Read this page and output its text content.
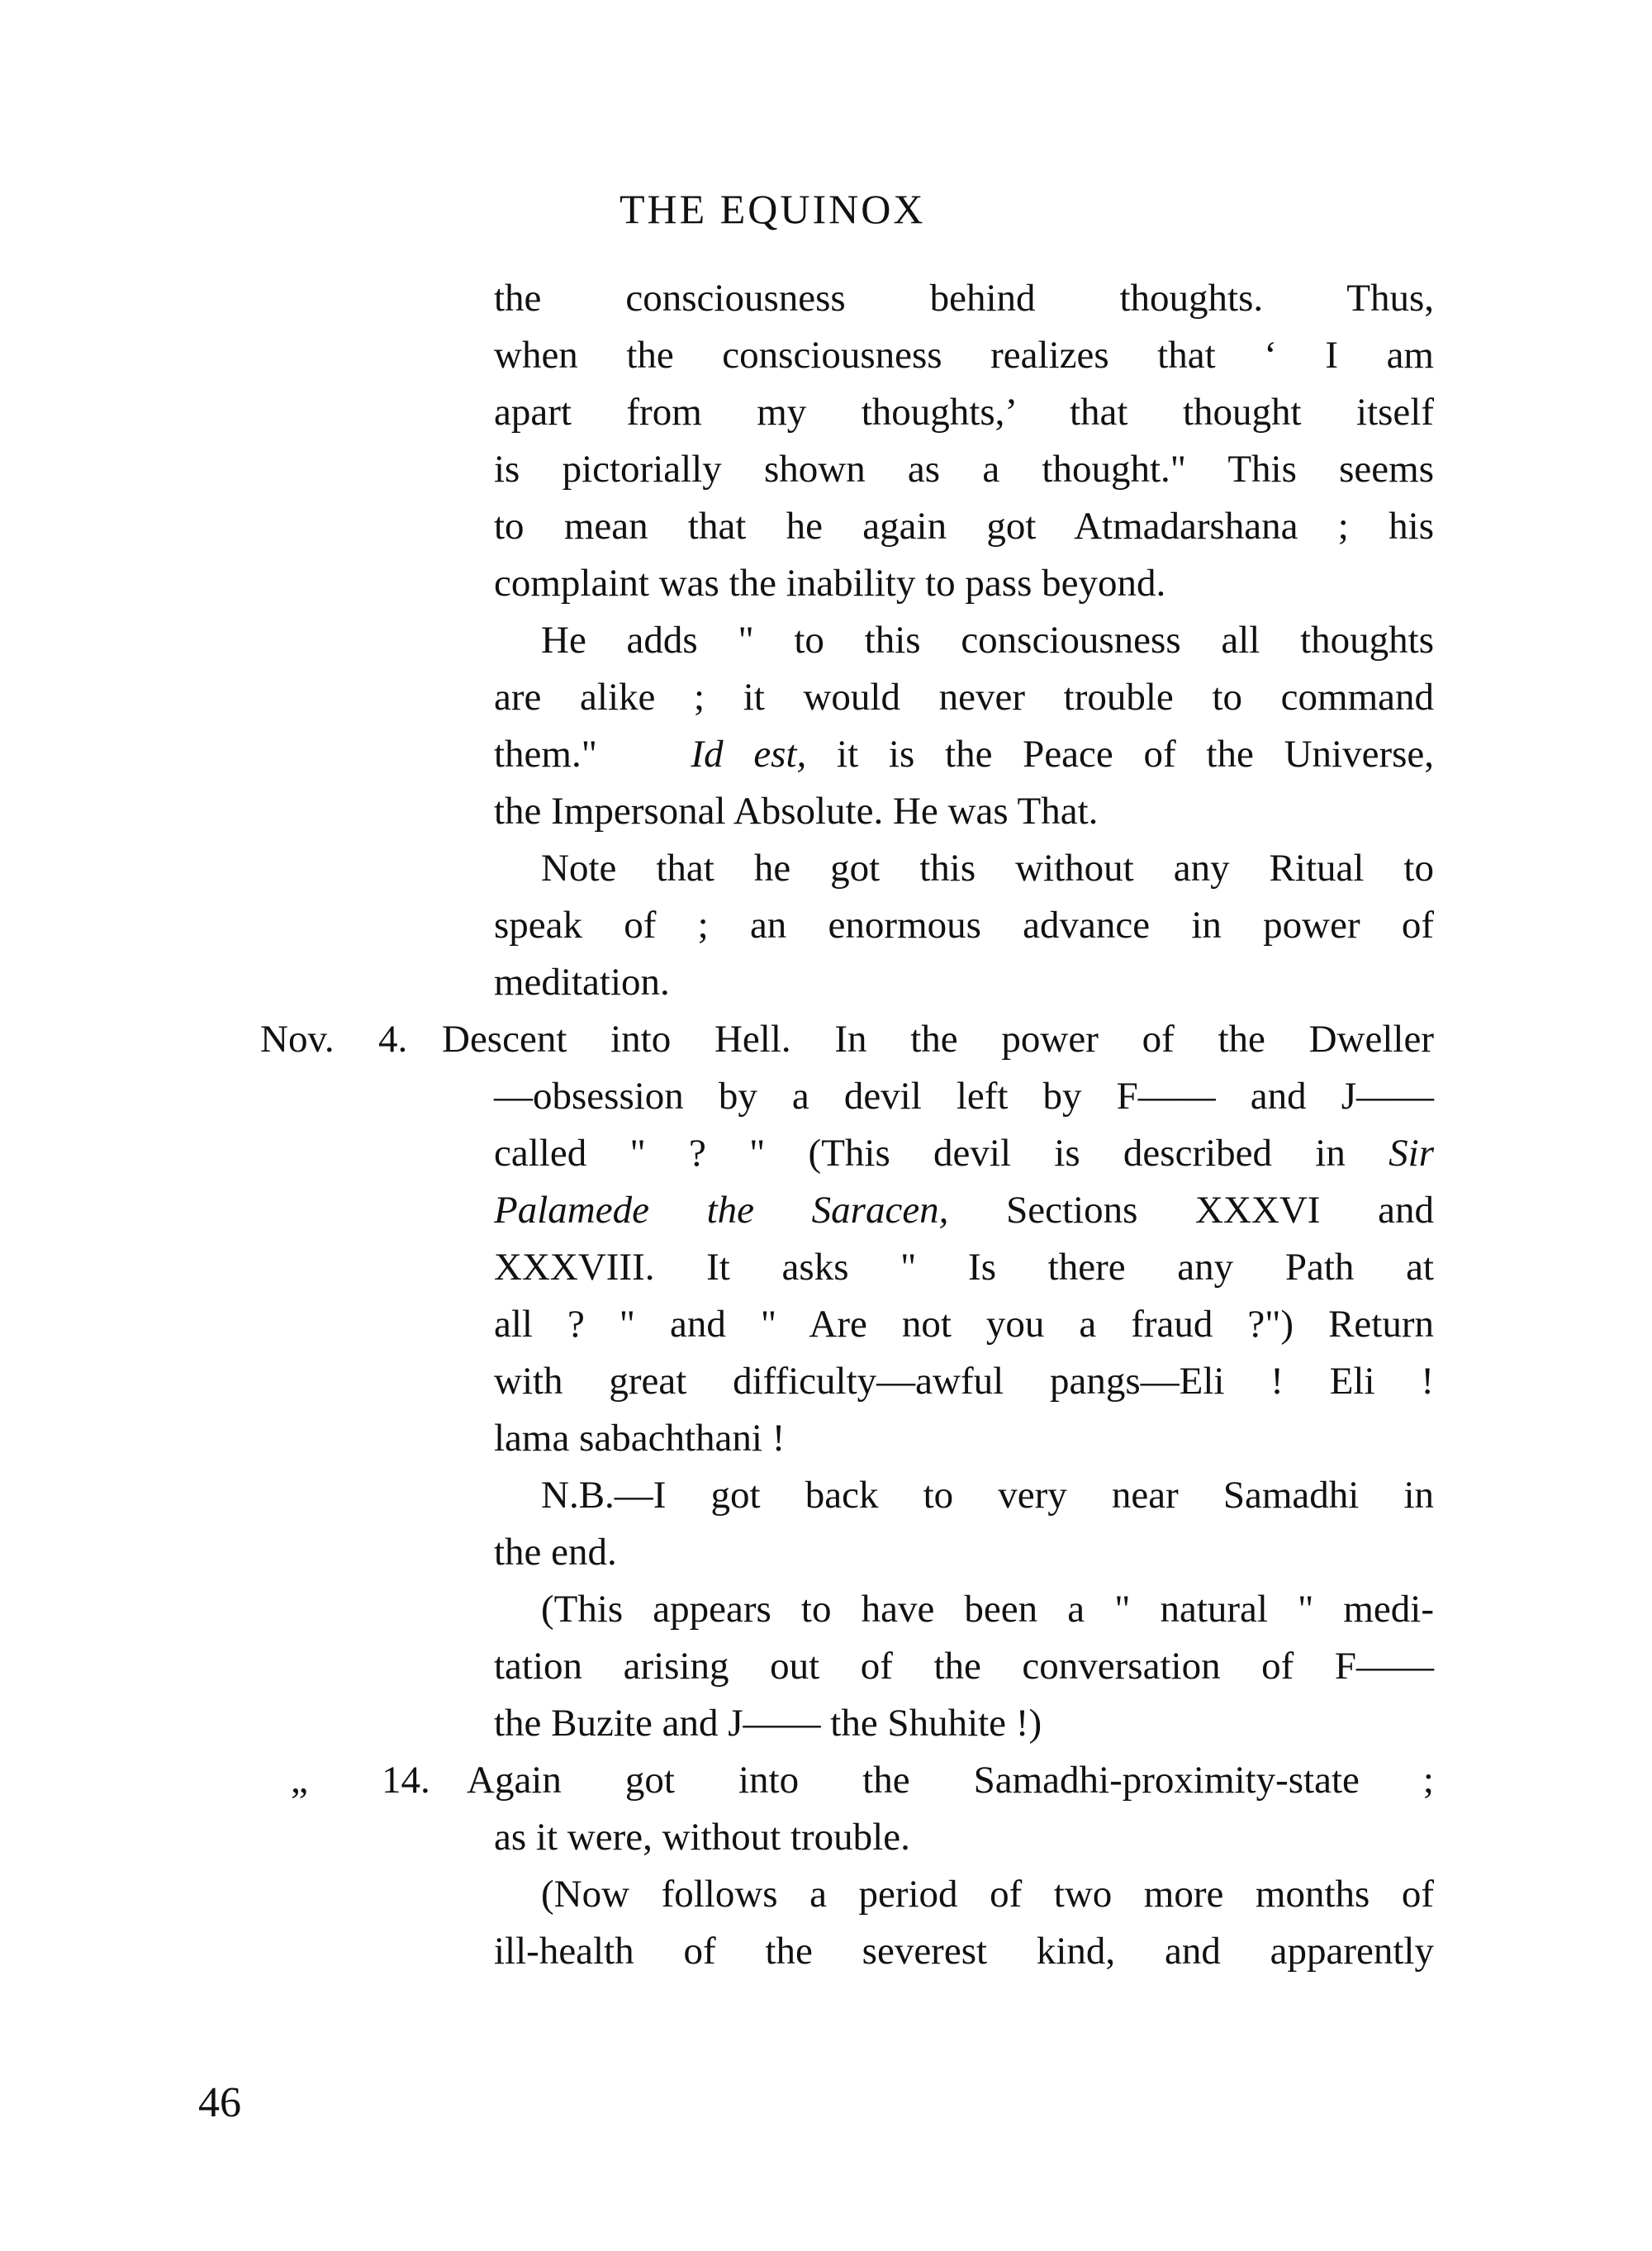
THE EQUINOX
the consciousness behind thoughts. Thus,
when the consciousness realizes that ‘ I am
apart from my thoughts,’ that thought itself
is pictorially shown as a thought." This seems
to mean that he again got Atmadarshana ; his
complaint was the inability to pass beyond.
He adds " to this consciousness all thoughts
are alike ; it would never trouble to command
them." Id est, it is the Peace of the Universe,
the Impersonal Absolute. He was That.
Note that he got this without any Ritual to
speak of ; an enormous advance in power of
meditation.
Nov. 4. Descent into Hell. In the power of the Dweller
—obsession by a devil left by F—— and J——
called " ? " (This devil is described in Sir
Palamede the Saracen, Sections XXXVI and
XXXVIII. It asks " Is there any Path at
all ? " and " Are not you a fraud ?") Return
with great difficulty—awful pangs—Eli ! Eli !
lama sabachthani !
N.B.—I got back to very near Samadhi in
the end.
(This appears to have been a " natural " medi-
tation arising out of the conversation of F——
the Buzite and J—— the Shuhite !)
„ 14. Again got into the Samadhi-proximity-state ;
as it were, without trouble.
(Now follows a period of two more months of
ill-health of the severest kind, and apparently
46
